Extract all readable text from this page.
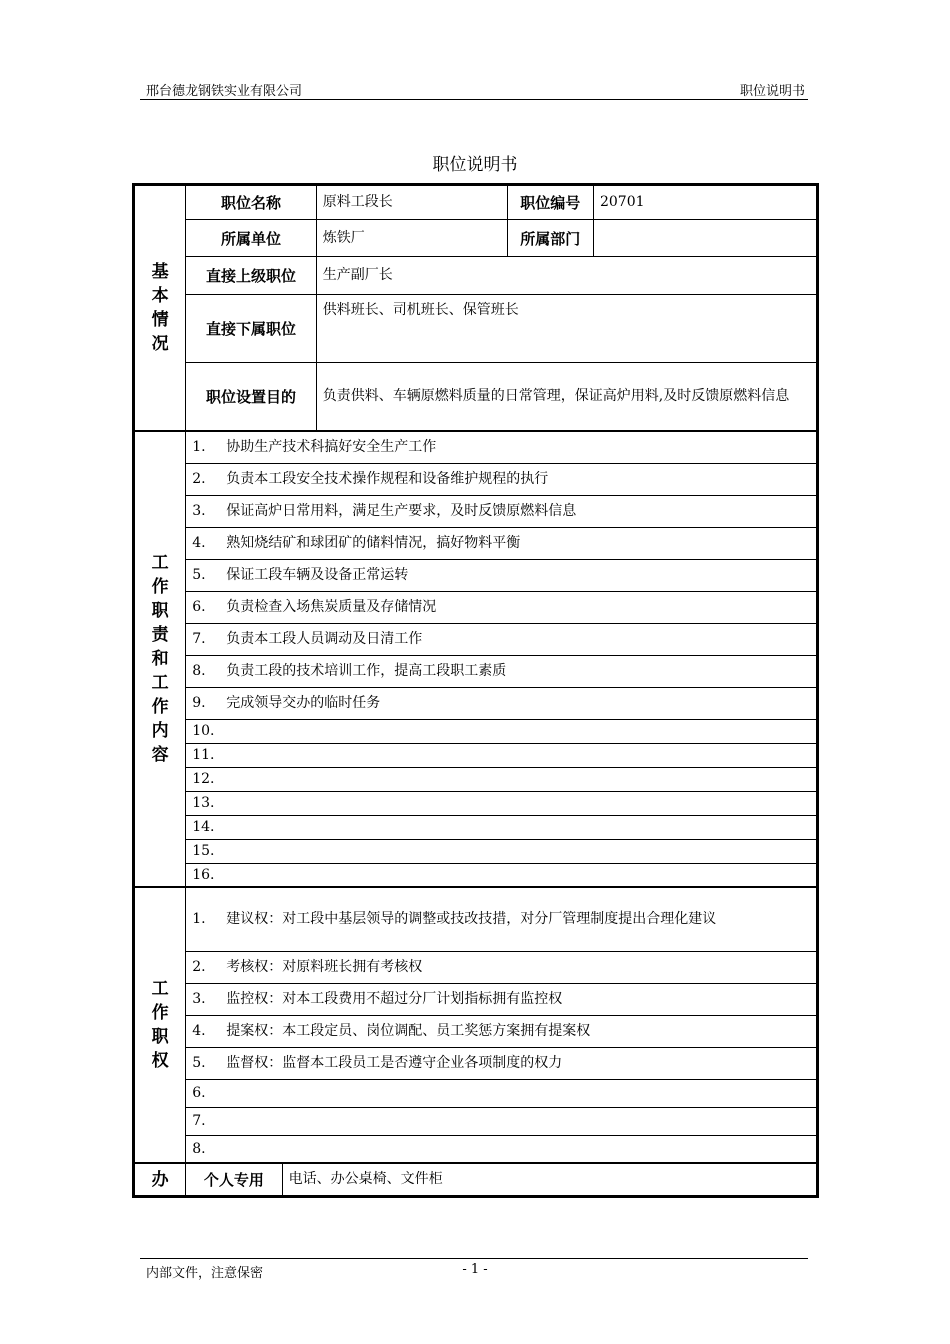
邢台德龙钢铁实业有限公司	职位说明书
职位说明书
基本情况	职位名称		原料工段长	职位编号	20701
	所属单位		炼铁厂	所属部门	
	直接上级职位		生产副厂长		
	直接下属职位		供料班长、司机班长、保管班长		
	职位设置目的		负责供料、车辆原燃料质量的日常管理，保证高炉用料,及时反馈原燃料信息		
工作职责和工作内容	1. 协助生产技术科搞好安全生产工作				
	2. 负责本工段安全技术操作规程和设备维护规程的执行				
	3. 保证高炉日常用料，满足生产要求，及时反馈原燃料信息				
	4. 熟知烧结矿和球团矿的储料情况，搞好物料平衡				
	5. 保证工段车辆及设备正常运转				
	6. 负责检查入场焦炭质量及存储情况				
	7. 负责本工段人员调动及日清工作				
	8. 负责工段的技术培训工作，提高工段职工素质				
	9. 完成领导交办的临时任务				
	10.				
	11.				
	12.				
	13.				
	14.				
	15.				
	16.				
工作职权	1. 建议权：对工段中基层领导的调整或技改技措，对分厂管理制度提出合理化建议				
	2. 考核权：对原料班长拥有考核权				
	3. 监控权：对本工段费用不超过分厂计划指标拥有监控权				
	4. 提案权：本工段定员、岗位调配、员工奖惩方案拥有提案权				
	5. 监督权：监督本工段员工是否遵守企业各项制度的权力				
	6.				
	7.				
	8.				
办	个人专用	电话、办公桌椅、文件柜			
内部文件，注意保密	- 1 -
